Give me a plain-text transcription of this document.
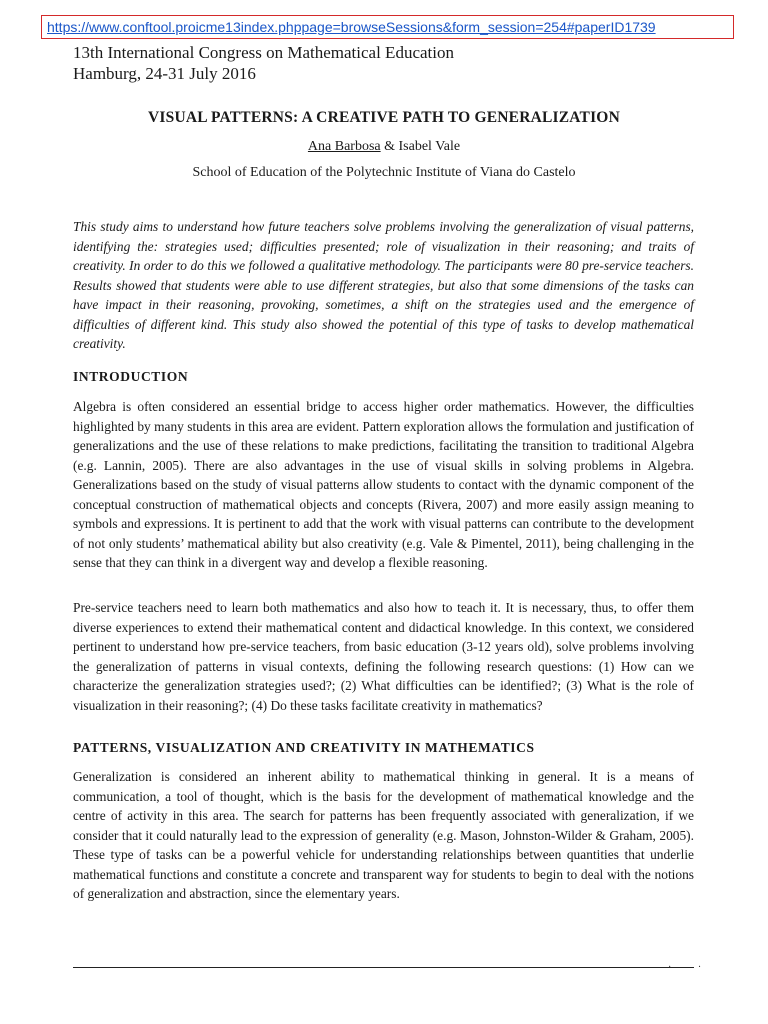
https://www.conftool.proicme13index.phppage=browseSessions&form_session=254#paperID1739
13th International Congress on Mathematical Education
Hamburg, 24-31 July 2016
VISUAL PATTERNS: A CREATIVE PATH TO GENERALIZATION
Ana Barbosa & Isabel Vale
School of Education of the Polytechnic Institute of Viana do Castelo
This study aims to understand how future teachers solve problems involving the generalization of visual patterns, identifying the: strategies used; difficulties presented; role of visualization in their reasoning; and traits of creativity. In order to do this we followed a qualitative methodology. The participants were 80 pre-service teachers. Results showed that students were able to use different strategies, but also that some dimensions of the tasks can have impact in their reasoning, provoking, sometimes, a shift on the strategies used and the emergence of difficulties of different kind. This study also showed the potential of this type of tasks to develop mathematical creativity.
INTRODUCTION
Algebra is often considered an essential bridge to access higher order mathematics. However, the difficulties highlighted by many students in this area are evident. Pattern exploration allows the formulation and justification of generalizations and the use of these relations to make predictions, facilitating the transition to traditional Algebra (e.g. Lannin, 2005). There are also advantages in the use of visual skills in solving problems in Algebra. Generalizations based on the study of visual patterns allow students to contact with the dynamic component of the conceptual construction of mathematical objects and concepts (Rivera, 2007) and more easily assign meaning to symbols and expressions. It is pertinent to add that the work with visual patterns can contribute to the development of not only students’ mathematical ability but also creativity (e.g. Vale & Pimentel, 2011), being challenging in the sense that they can think in a divergent way and develop a flexible reasoning.
Pre-service teachers need to learn both mathematics and also how to teach it. It is necessary, thus, to offer them diverse experiences to extend their mathematical content and didactical knowledge. In this context, we considered pertinent to understand how pre-service teachers, from basic education (3-12 years old), solve problems involving the generalization of patterns in visual contexts, defining the following research questions: (1) How can we characterize the generalization strategies used?; (2) What difficulties can be identified?; (3) What is the role of visualization in their reasoning?; (4) Do these tasks facilitate creativity in mathematics?
PATTERNS, VISUALIZATION AND CREATIVITY IN MATHEMATICS
Generalization is considered an inherent ability to mathematical thinking in general. It is a means of communication, a tool of thought, which is the basis for the development of mathematical knowledge and the centre of activity in this area. The search for patterns has been frequently associated with generalization, if we consider that it could naturally lead to the expression of generality (e.g. Mason, Johnston-Wilder & Graham, 2005). These type of tasks can be a powerful vehicle for understanding relationships between quantities that underlie mathematical functions and constitute a concrete and transparent way for students to begin to deal with the notions of generalization and abstraction, since the elementary years.
· ·
